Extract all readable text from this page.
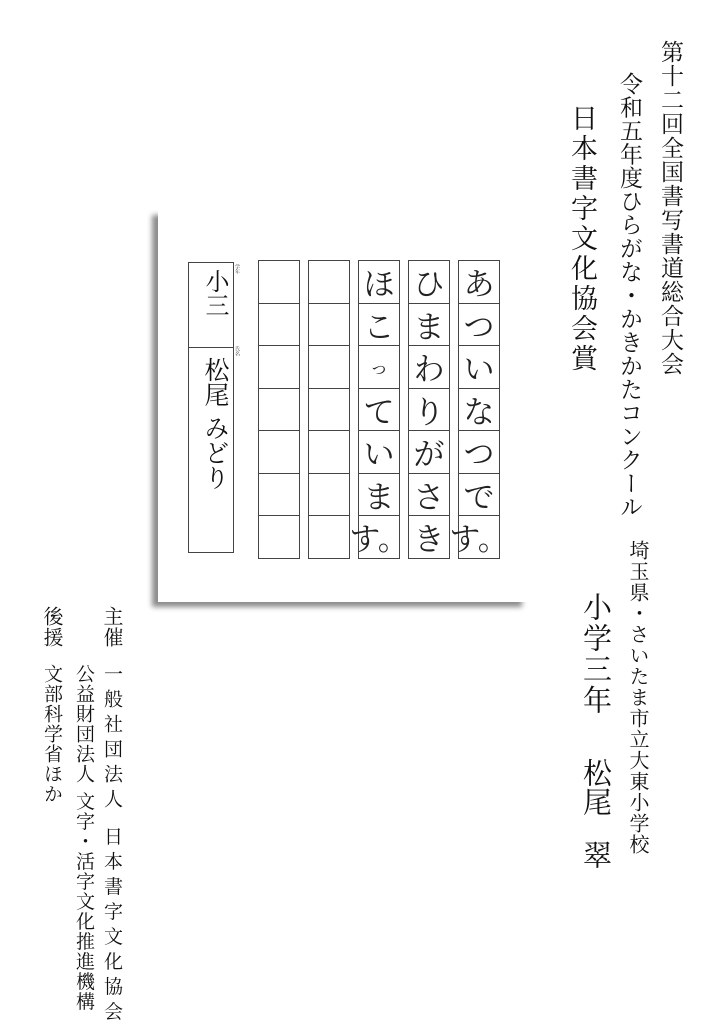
第十二回全国書写書道総合大会
令和五年度ひらがな・かきかたコンクール
日本書字文化協会賞
あ
つ
い
な
つ
で
す。
ひ
ま
わ
り
が
さ
き
ほ
こ
っ
て
い
ま
す。
学年
氏名
小三
松尾 みどり
埼玉県・さいたま市立大東小学校
小学三年
松尾
翠
主催
一般社団法人 日本書字文化協会
公益財団法人 文字・活字文化推進機構
後援
文部科学省ほか
